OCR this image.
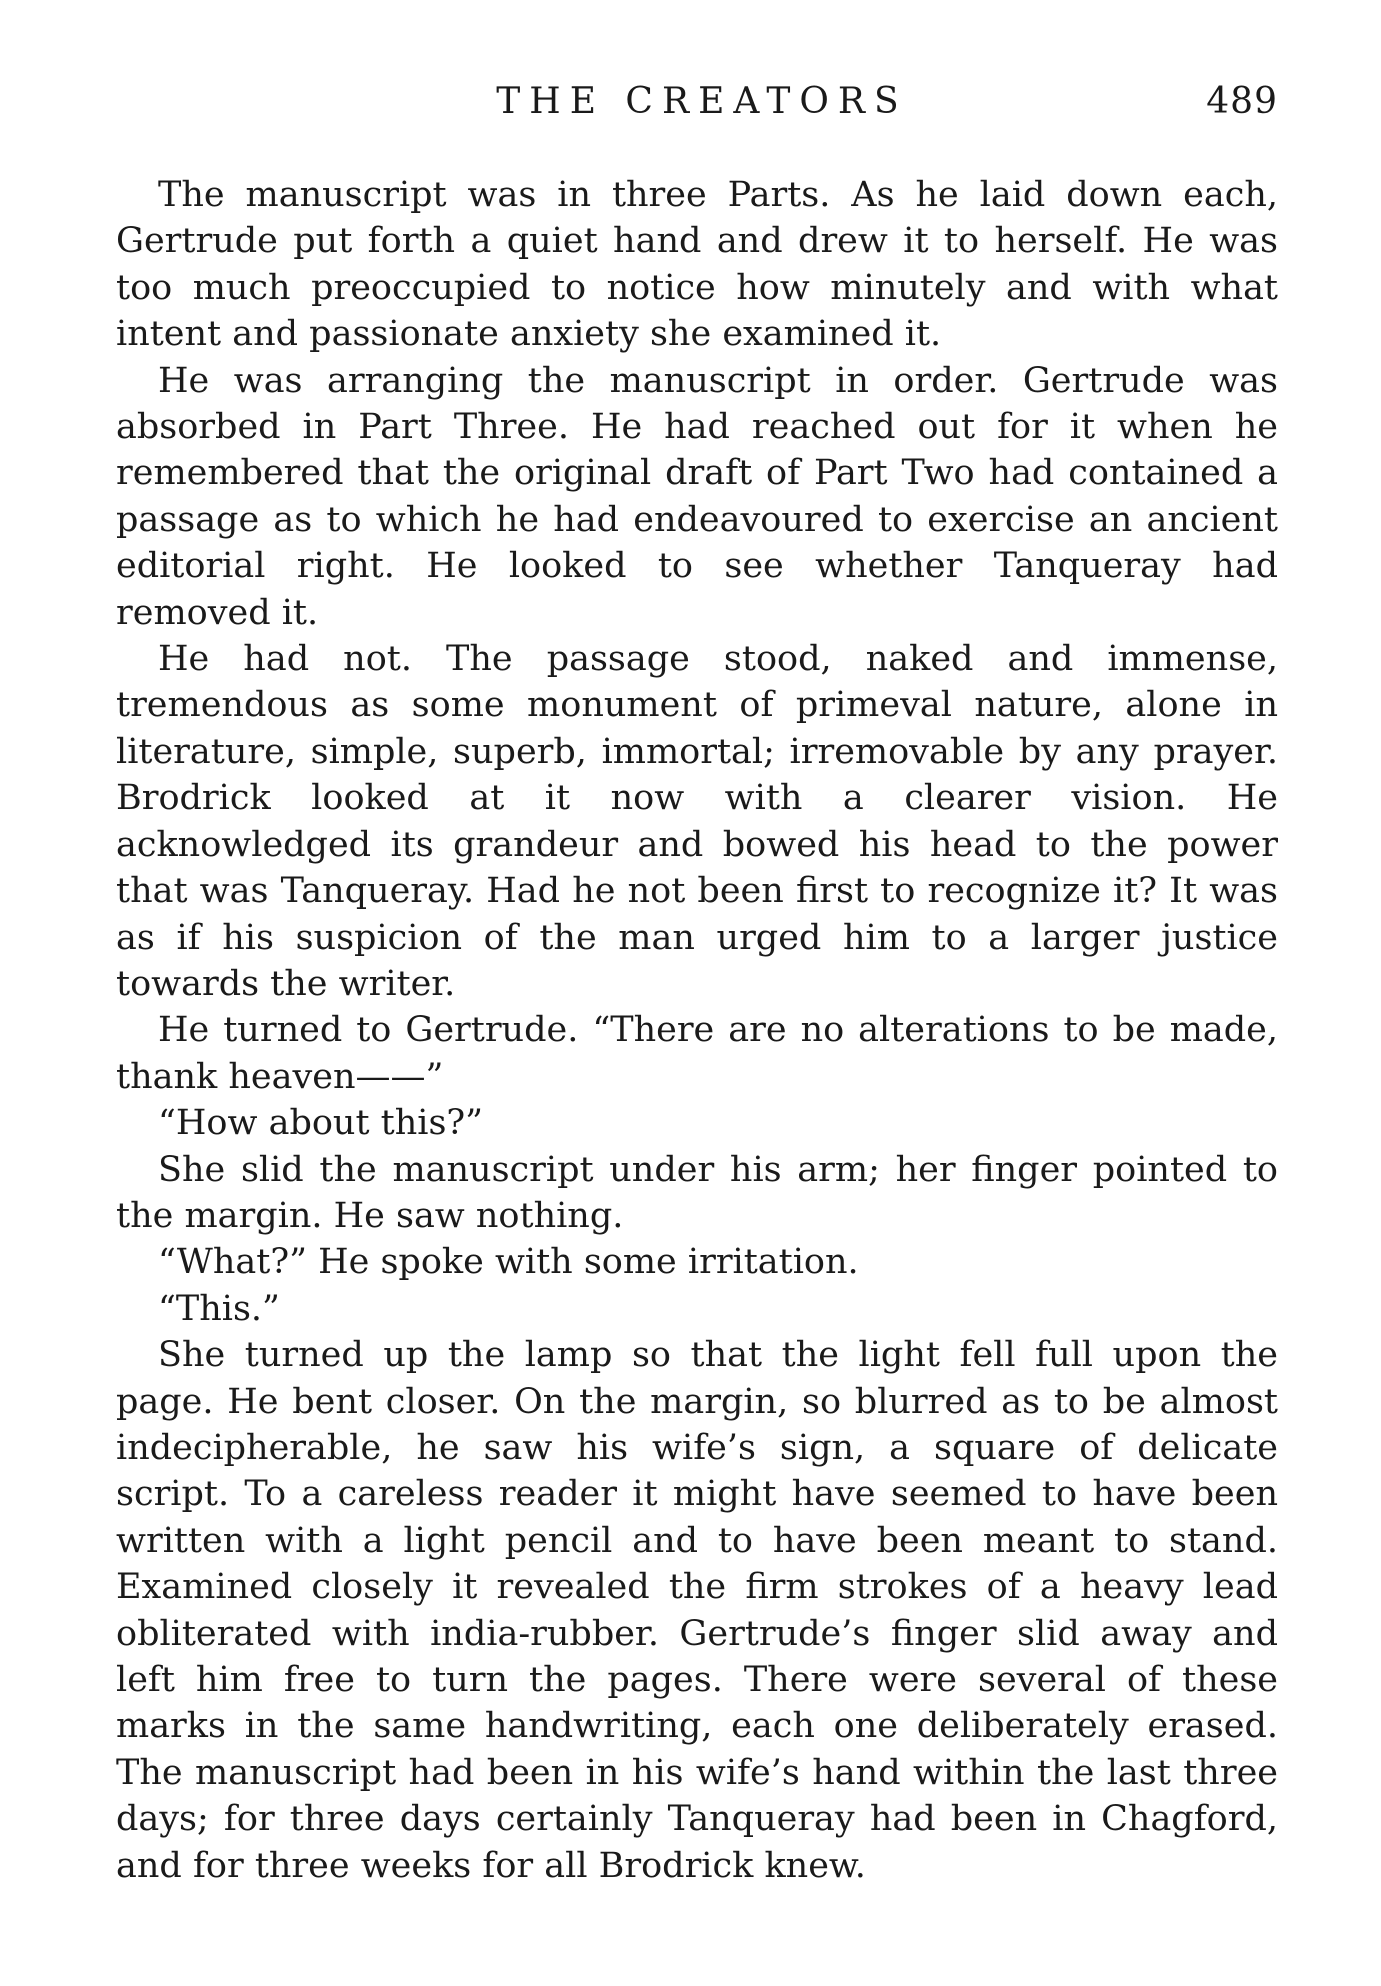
THE CREATORS	489

The manuscript was in three Parts. As he laid down each, Gertrude put forth a quiet hand and drew it to herself. He was too much preoccupied to notice how minutely and with what intent and passionate anxiety she examined it.

He was arranging the manuscript in order. Gertrude was absorbed in Part Three. He had reached out for it when he remembered that the original draft of Part Two had contained a passage as to which he had endeavoured to exercise an ancient editorial right. He looked to see whether Tanqueray had removed it.

He had not. The passage stood, naked and immense, tremendous as some monument of primeval nature, alone in literature, simple, superb, immortal; irremovable by any prayer. Brodrick looked at it now with a clearer vision. He acknowledged its grandeur and bowed his head to the power that was Tanqueray. Had he not been first to recognize it? It was as if his suspicion of the man urged him to a larger justice towards the writer.

He turned to Gertrude. “There are no alterations to be made, thank heaven——”

“How about this?”

She slid the manuscript under his arm; her finger pointed to the margin. He saw nothing.

“What?” He spoke with some irritation.

“This.”

She turned up the lamp so that the light fell full upon the page. He bent closer. On the margin, so blurred as to be almost indecipherable, he saw his wife’s sign, a square of delicate script. To a careless reader it might have seemed to have been written with a light pencil and to have been meant to stand. Examined closely it revealed the firm strokes of a heavy lead obliterated with india-rubber. Gertrude’s finger slid away and left him free to turn the pages. There were several of these marks in the same handwriting, each one deliberately erased. The manuscript had been in his wife’s hand within the last three days; for three days certainly Tanqueray had been in Chagford, and for three weeks for all Brodrick knew.
